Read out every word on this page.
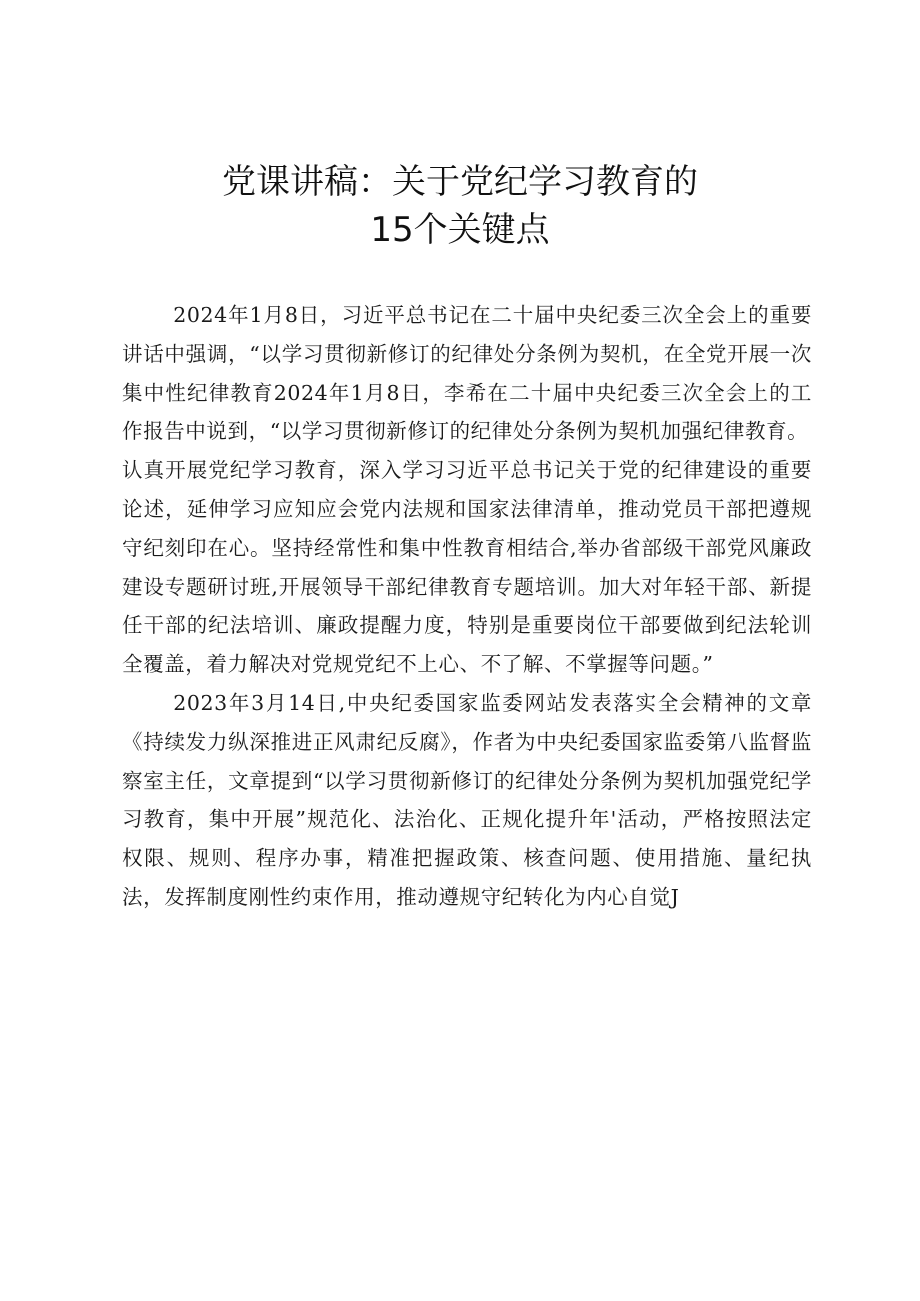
党课讲稿：关于党纪学习教育的
15个关键点

2024年1月8日，习近平总书记在二十届中央纪委三次全会上的重要讲话中强调，“以学习贯彻新修订的纪律处分条例为契机，在全党开展一次集中性纪律教育2024年1月8日，李希在二十届中央纪委三次全会上的工作报告中说到，“以学习贯彻新修订的纪律处分条例为契机加强纪律教育。

认真开展党纪学习教育，深入学习习近平总书记关于党的纪律建设的重要论述，延伸学习应知应会党内法规和国家法律清单，推动党员干部把遵规守纪刻印在心。坚持经常性和集中性教育相结合,举办省部级干部党风廉政建设专题研讨班,开展领导干部纪律教育专题培训。加大对年轻干部、新提任干部的纪法培训、廉政提醒力度，特别是重要岗位干部要做到纪法轮训全覆盖，着力解决对党规党纪不上心、不了解、不掌握等问题。”

2023年3月14日,中央纪委国家监委网站发表落实全会精神的文章《持续发力纵深推进正风肃纪反腐》，作者为中央纪委国家监委第八监督监察室主任，文章提到“以学习贯彻新修订的纪律处分条例为契机加强党纪学习教育，集中开展”规范化、法治化、正规化提升年'活动，严格按照法定权限、规则、程序办事，精准把握政策、核查问题、使用措施、量纪执法，发挥制度刚性约束作用，推动遵规守纪转化为内心自觉J
